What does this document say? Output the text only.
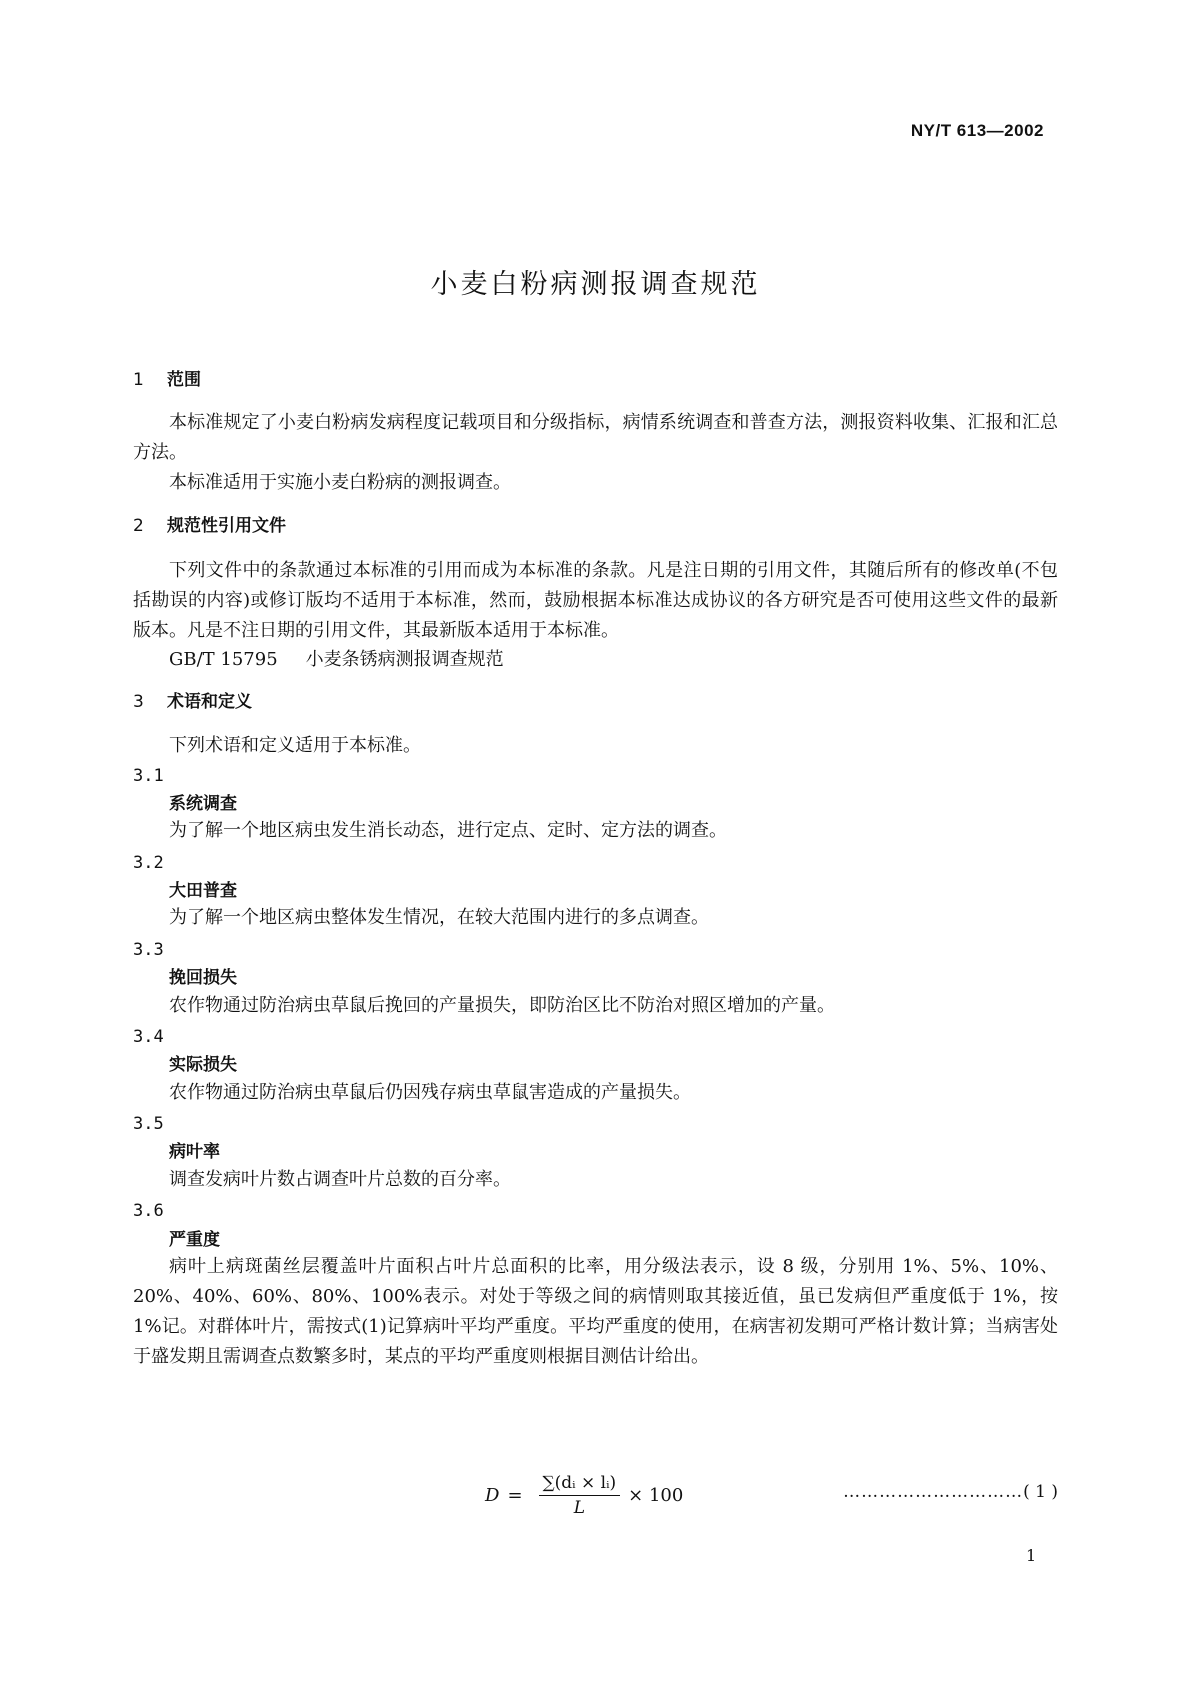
NY/T 613—2002
小麦白粉病测报调查规范
1 范围

本标准规定了小麦白粉病发病程度记载项目和分级指标，病情系统调查和普查方法，测报资料收集、汇报和汇总方法。

本标准适用于实施小麦白粉病的测报调查。
2 规范性引用文件

下列文件中的条款通过本标准的引用而成为本标准的条款。凡是注日期的引用文件，其随后所有的修改单(不包括勘误的内容)或修订版均不适用于本标准，然而，鼓励根据本标准达成协议的各方研究是否可使用这些文件的最新版本。凡是不注日期的引用文件，其最新版本适用于本标准。

GB/T 15795 小麦条锈病测报调查规范
3 术语和定义
下列术语和定义适用于本标准。
3.1
系统调查
为了解一个地区病虫发生消长动态，进行定点、定时、定方法的调查。
3.2
大田普查
为了解一个地区病虫整体发生情况，在较大范围内进行的多点调查。
3.3
挽回损失
农作物通过防治病虫草鼠后挽回的产量损失，即防治区比不防治对照区增加的产量。
3.4
实际损失
农作物通过防治病虫草鼠后仍因残存病虫草鼠害造成的产量损失。
3.5
病叶率
调查发病叶片数占调查叶片总数的百分率。
3.6
严重度

病叶上病斑菌丝层覆盖叶片面积占叶片总面积的比率，用分级法表示，设 8 级，分别用 1%、5%、10%、20%、40%、60%、80%、100%表示。对处于等级之间的病情则取其接近值，虽已发病但严重度低于 1%，按 1%记。对群体叶片，需按式(1)记算病叶平均严重度。平均严重度的使用，在病害初发期可严格计数计算；当病害处于盛发期且需调查点数繁多时，某点的平均严重度则根据目测估计给出。

$D = \frac{\text{∑(dᵢ × lᵢ)}}{L} \times 100$	…………………………( 1 )
1
